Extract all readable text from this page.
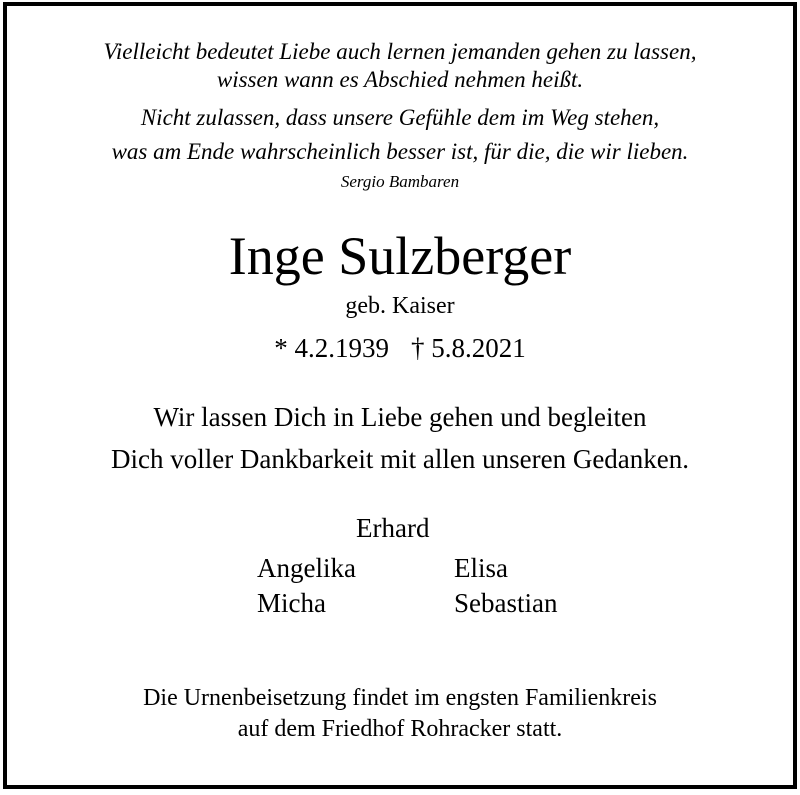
Vielleicht bedeutet Liebe auch lernen jemanden gehen zu lassen,
wissen wann es Abschied nehmen heißt.
Nicht zulassen, dass unsere Gefühle dem im Weg stehen,
was am Ende wahrscheinlich besser ist, für die, die wir lieben.
Sergio Bambaren
Inge Sulzberger
geb. Kaiser
* 4.2.1939 † 5.8.2021
Wir lassen Dich in Liebe gehen und begleiten
Dich voller Dankbarkeit mit allen unseren Gedanken.
Erhard
Angelika	Elisa
Micha	Sebastian
Die Urnenbeisetzung findet im engsten Familienkreis
auf dem Friedhof Rohracker statt.
